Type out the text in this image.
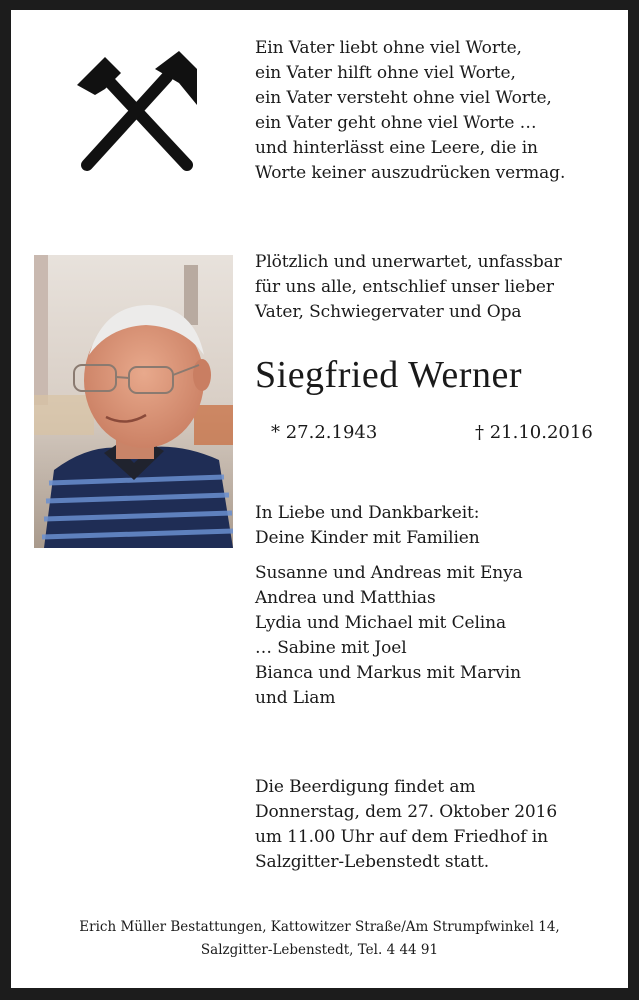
Ein Vater liebt ohne viel Worte,
ein Vater hilft ohne viel Worte,
ein Vater versteht ohne viel Worte,
ein Vater geht ohne viel Worte …
und hinterlässt eine Leere, die in
Worte keiner auszudrücken vermag.
Plötzlich und unerwartet, unfassbar
für uns alle, entschlief unser lieber
Vater, Schwiegervater und Opa
Siegfried Werner
* 27.2.1943	† 21.10.2016
In Liebe und Dankbarkeit:
Deine Kinder mit Familien
Susanne und Andreas mit Enya
Andrea und Matthias
Lydia und Michael mit Celina
… Sabine mit Joel
Bianca und Markus mit Marvin
und Liam
Die Beerdigung findet am
Donnerstag, dem 27. Oktober 2016
um 11.00 Uhr auf dem Friedhof in
Salzgitter-Lebenstedt statt.
Erich Müller Bestattungen, Kattowitzer Straße/Am Strumpfwinkel 14,
Salzgitter-Lebenstedt, Tel. 4 44 91
